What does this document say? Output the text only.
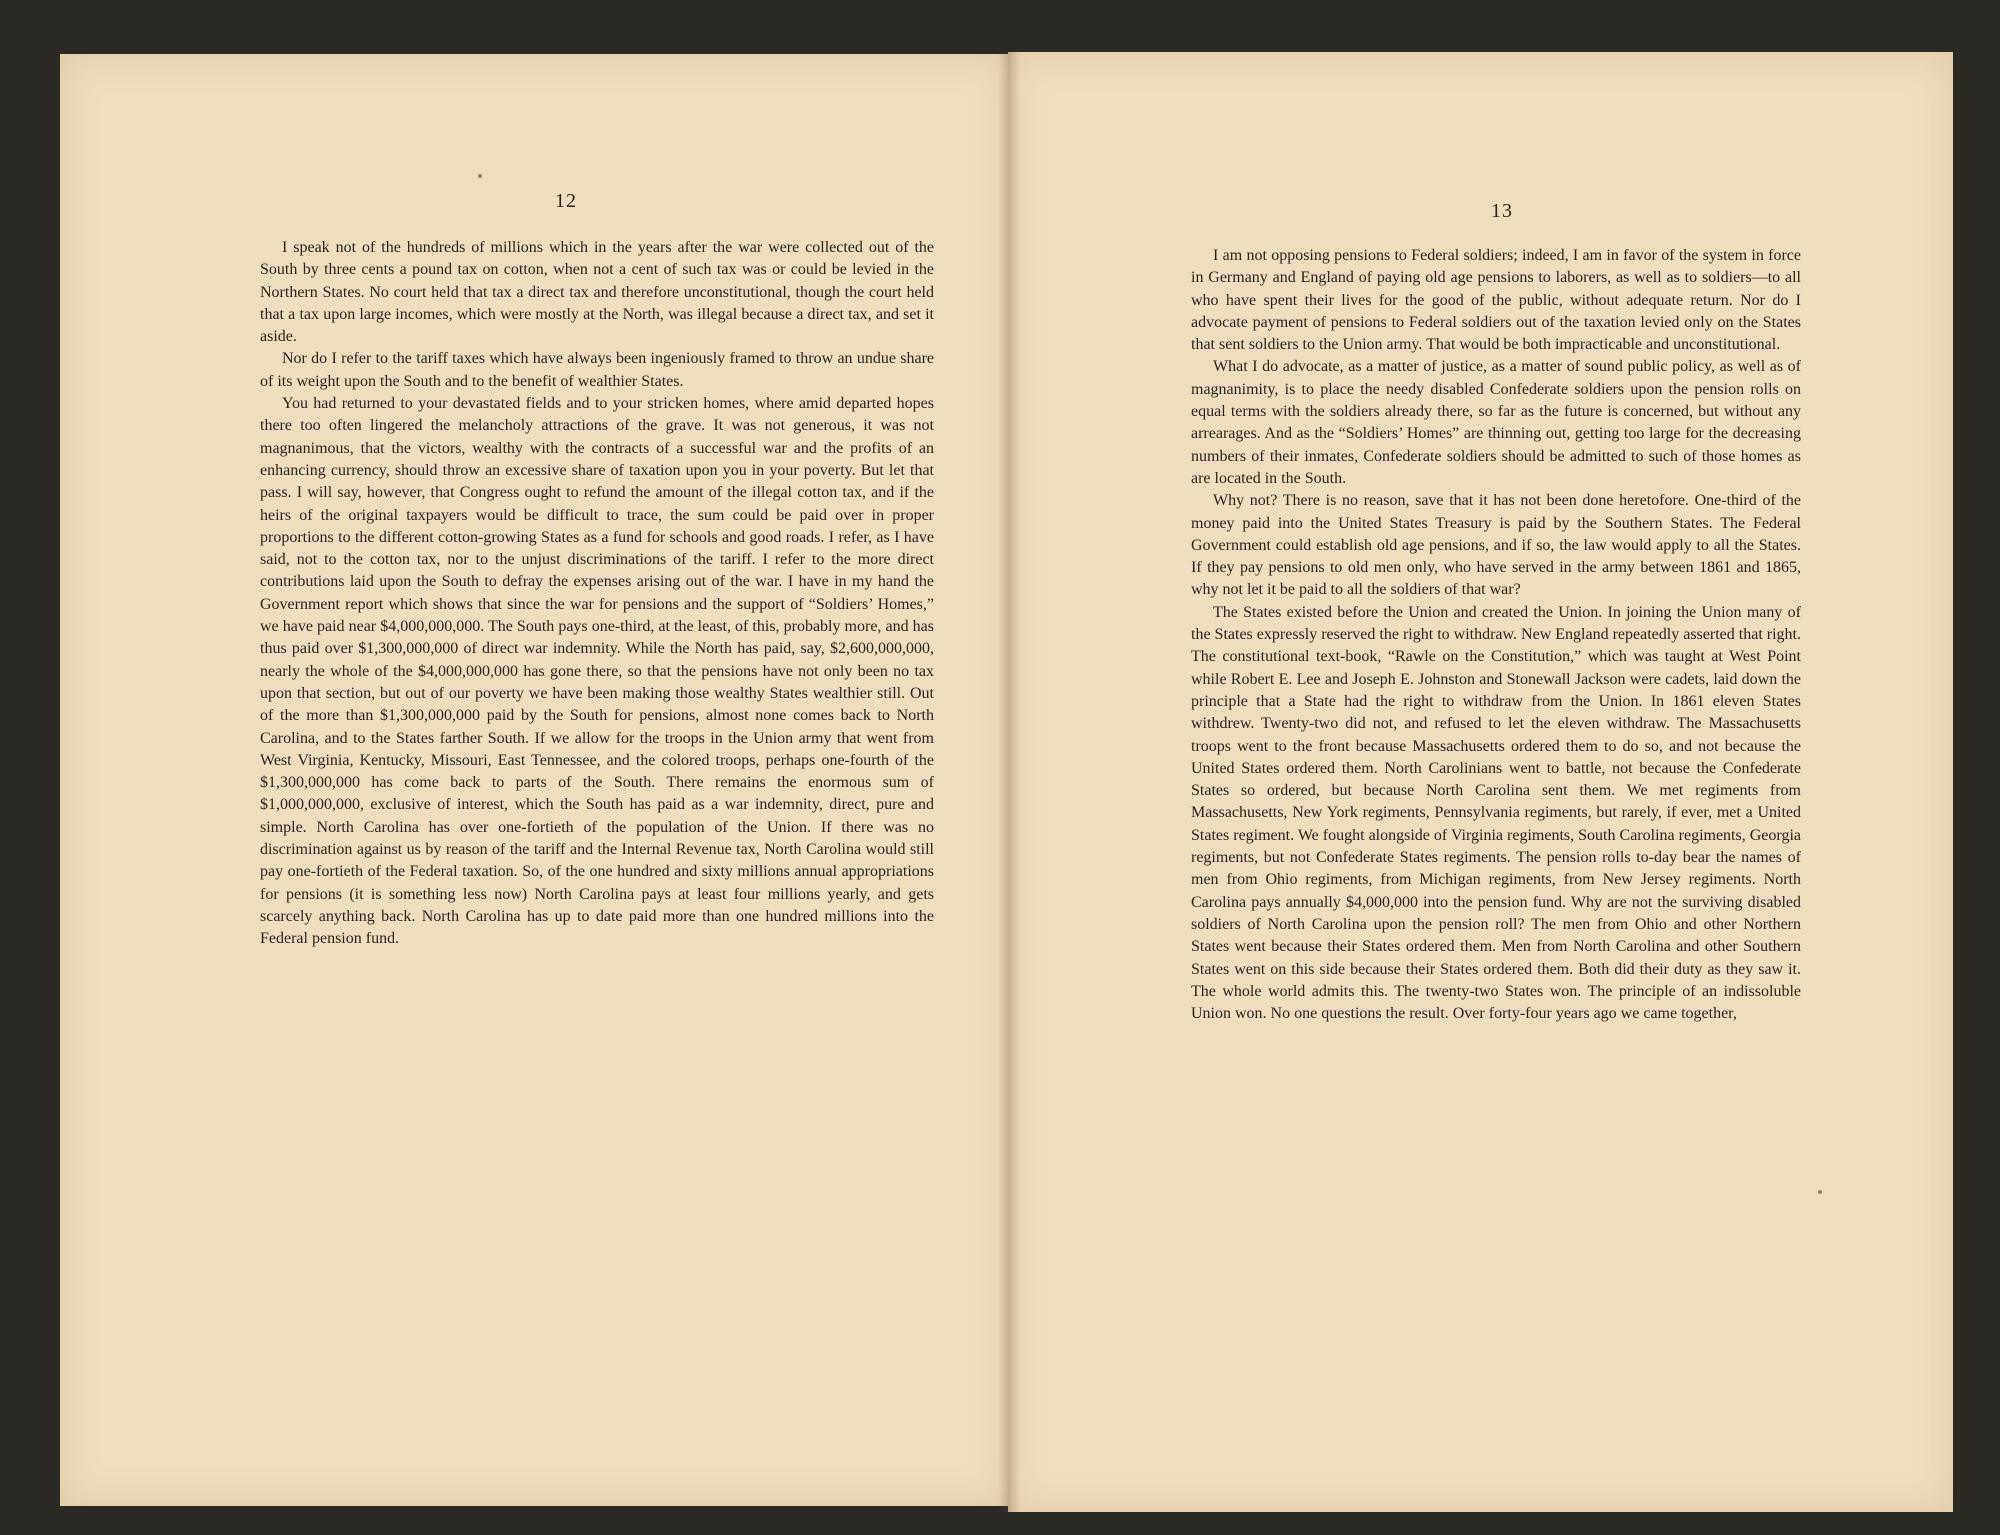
12

I speak not of the hundreds of millions which in the years after the war were collected out of the South by three cents a pound tax on cotton, when not a cent of such tax was or could be levied in the Northern States. No court held that tax a direct tax and therefore unconstitutional, though the court held that a tax upon large incomes, which were mostly at the North, was illegal because a direct tax, and set it aside.

Nor do I refer to the tariff taxes which have always been ingeniously framed to throw an undue share of its weight upon the South and to the benefit of wealthier States.

You had returned to your devastated fields and to your stricken homes, where amid departed hopes there too often lingered the melancholy attractions of the grave. It was not generous, it was not magnanimous, that the victors, wealthy with the contracts of a successful war and the profits of an enhancing currency, should throw an excessive share of taxation upon you in your poverty. But let that pass. I will say, however, that Congress ought to refund the amount of the illegal cotton tax, and if the heirs of the original taxpayers would be difficult to trace, the sum could be paid over in proper proportions to the different cotton-growing States as a fund for schools and good roads. I refer, as I have said, not to the cotton tax, nor to the unjust discriminations of the tariff. I refer to the more direct contributions laid upon the South to defray the expenses arising out of the war. I have in my hand the Government report which shows that since the war for pensions and the support of “Soldiers’ Homes,” we have paid near $4,000,000,000. The South pays one-third, at the least, of this, probably more, and has thus paid over $1,300,000,000 of direct war indemnity. While the North has paid, say, $2,600,000,000, nearly the whole of the $4,000,000,000 has gone there, so that the pensions have not only been no tax upon that section, but out of our poverty we have been making those wealthy States wealthier still. Out of the more than $1,300,000,000 paid by the South for pensions, almost none comes back to North Carolina, and to the States farther South. If we allow for the troops in the Union army that went from West Virginia, Kentucky, Missouri, East Tennessee, and the colored troops, perhaps one-fourth of the $1,300,000,000 has come back to parts of the South. There remains the enormous sum of $1,000,000,000, exclusive of interest, which the South has paid as a war indemnity, direct, pure and simple. North Carolina has over one-fortieth of the population of the Union. If there was no discrimination against us by reason of the tariff and the Internal Revenue tax, North Carolina would still pay one-fortieth of the Federal taxation. So, of the one hundred and sixty millions annual appropriations for pensions (it is something less now) North Carolina pays at least four millions yearly, and gets scarcely anything back. North Carolina has up to date paid more than one hundred millions into the Federal pension fund.

13

I am not opposing pensions to Federal soldiers; indeed, I am in favor of the system in force in Germany and England of paying old age pensions to laborers, as well as to soldiers—to all who have spent their lives for the good of the public, without adequate return. Nor do I advocate payment of pensions to Federal soldiers out of the taxation levied only on the States that sent soldiers to the Union army. That would be both impracticable and unconstitutional.

What I do advocate, as a matter of justice, as a matter of sound public policy, as well as of magnanimity, is to place the needy disabled Confederate soldiers upon the pension rolls on equal terms with the soldiers already there, so far as the future is concerned, but without any arrearages. And as the “Soldiers’ Homes” are thinning out, getting too large for the decreasing numbers of their inmates, Confederate soldiers should be admitted to such of those homes as are located in the South.

Why not? There is no reason, save that it has not been done heretofore. One-third of the money paid into the United States Treasury is paid by the Southern States. The Federal Government could establish old age pensions, and if so, the law would apply to all the States. If they pay pensions to old men only, who have served in the army between 1861 and 1865, why not let it be paid to all the soldiers of that war?

The States existed before the Union and created the Union. In joining the Union many of the States expressly reserved the right to withdraw. New England repeatedly asserted that right. The constitutional text-book, “Rawle on the Constitution,” which was taught at West Point while Robert E. Lee and Joseph E. Johnston and Stonewall Jackson were cadets, laid down the principle that a State had the right to withdraw from the Union. In 1861 eleven States withdrew. Twenty-two did not, and refused to let the eleven withdraw. The Massachusetts troops went to the front because Massachusetts ordered them to do so, and not because the United States ordered them. North Carolinians went to battle, not because the Confederate States so ordered, but because North Carolina sent them. We met regiments from Massachusetts, New York regiments, Pennsylvania regiments, but rarely, if ever, met a United States regiment. We fought alongside of Virginia regiments, South Carolina regiments, Georgia regiments, but not Confederate States regiments. The pension rolls to-day bear the names of men from Ohio regiments, from Michigan regiments, from New Jersey regiments. North Carolina pays annually $4,000,000 into the pension fund. Why are not the surviving disabled soldiers of North Carolina upon the pension roll? The men from Ohio and other Northern States went because their States ordered them. Men from North Carolina and other Southern States went on this side because their States ordered them. Both did their duty as they saw it. The whole world admits this. The twenty-two States won. The principle of an indissoluble Union won. No one questions the result. Over forty-four years ago we came together,
